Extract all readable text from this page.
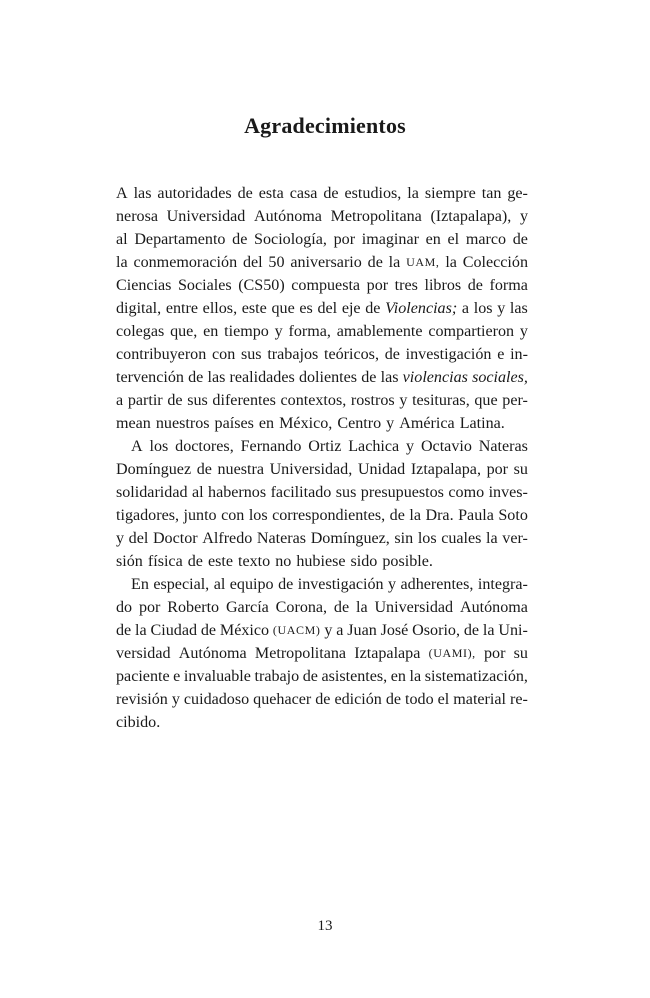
Agradecimientos
A las autoridades de esta casa de estudios, la siempre tan ge-
nerosa Universidad Autónoma Metropolitana (Iztapalapa), y
al Departamento de Sociología, por imaginar en el marco de
la conmemoración del 50 aniversario de la UAM, la Colección
Ciencias Sociales (CS50) compuesta por tres libros de forma
digital, entre ellos, este que es del eje de Violencias; a los y las
colegas que, en tiempo y forma, amablemente compartieron y
contribuyeron con sus trabajos teóricos, de investigación e in-
tervención de las realidades dolientes de las violencias sociales,
a partir de sus diferentes contextos, rostros y tesituras, que per-
mean nuestros países en México, Centro y América Latina.
A los doctores, Fernando Ortiz Lachica y Octavio Nateras
Domínguez de nuestra Universidad, Unidad Iztapalapa, por su
solidaridad al habernos facilitado sus presupuestos como inves-
tigadores, junto con los correspondientes, de la Dra. Paula Soto
y del Doctor Alfredo Nateras Domínguez, sin los cuales la ver-
sión física de este texto no hubiese sido posible.
En especial, al equipo de investigación y adherentes, integra-
do por Roberto García Corona, de la Universidad Autónoma
de la Ciudad de México (UACM) y a Juan José Osorio, de la Uni-
versidad Autónoma Metropolitana Iztapalapa (UAMI), por su
paciente e invaluable trabajo de asistentes, en la sistematización,
revisión y cuidadoso quehacer de edición de todo el material re-
cibido.
13
